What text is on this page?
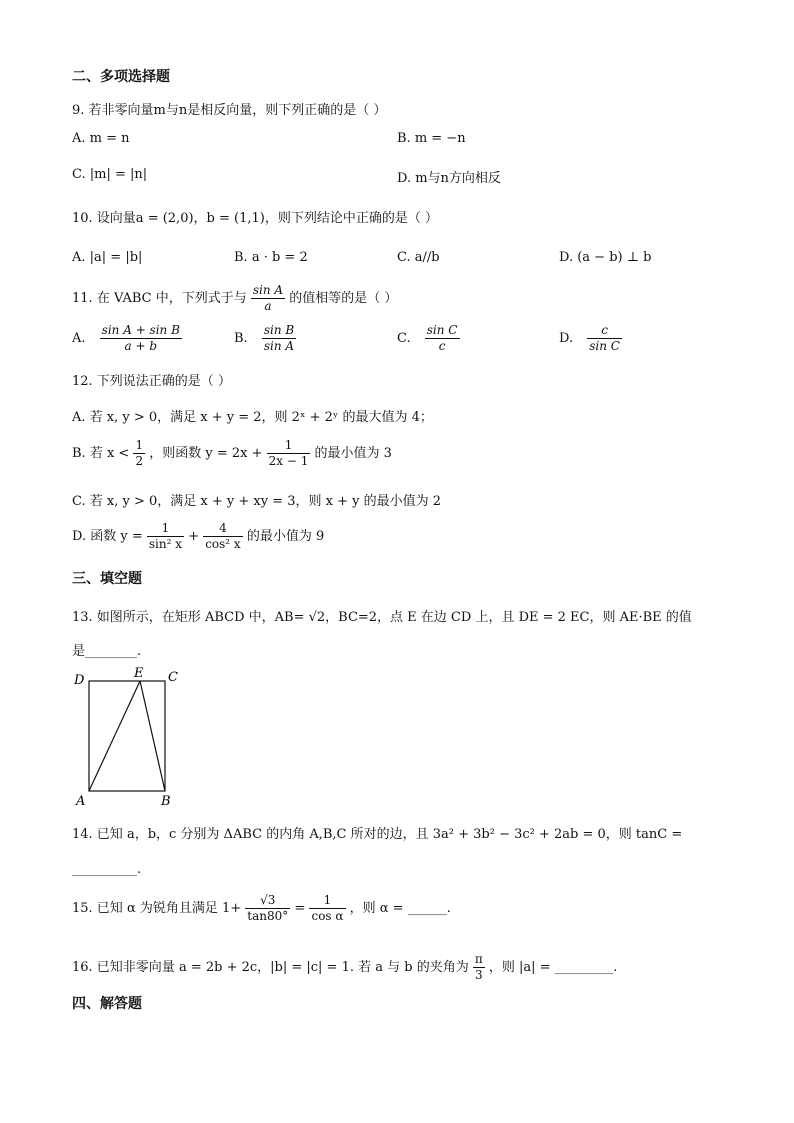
二、多项选择题
9. 若非零向量m与n是相反向量，则下列正确的是（ ）
A. m = n	B. m = −n
C. |m| = |n|	D. m与n方向相反
10. 设向量a = (2,0)，b = (1,1)，则下列结论中正确的是（ ）
A. |a| = |b|	B. a · b = 2	C. a//b	D. (a − b) ⊥ b
11. 在 VABC 中，下列式于与 $\frac{\text{sin A}}{a}$ 的值相等的是（ ）
A. $\frac{\text{sin A + sin B}}{a + b}$	B. $\frac{\text{sin B}}{\text{sin A}}$	C. $\frac{\text{sin C}}{c}$	D. $\frac{c}{\text{sin C}}$
12. 下列说法正确的是（ ）
A. 若 x, y > 0，满足 x + y = 2，则 2ˣ + 2ʸ 的最大值为 4；
B. 若 $x < \frac{1}{2}$ ，则函数 $y = 2x + \frac{1}{2x - 1}$ 的最小值为 3
C. 若 x, y > 0，满足 x + y + xy = 3，则 x + y 的最小值为 2
D. 函数 $y = \frac{1}{\text{sin² x}} + \frac{4}{\text{cos² x}}$ 的最小值为 9
三、填空题
13. 如图所示，在矩形 ABCD 中，AB= √2，BC=2，点 E 在边 CD 上，且 DE = 2 EC，则 AE·BE 的值
是________.
D	E C
A	B
14. 已知 a，b，c 分别为 ΔABC 的内角 A,B,C 所对的边，且 3a² + 3b² − 3c² + 2ab = 0，则 tanC =
__________.
15. 已知 α 为锐角且满足 $1+ \frac{√3}{\tan 80^\circ} = \frac{1}{\text{cos α}}$ ，则 α = ______.
16. 已知非零向量 a = 2b + 2c，|b| = |c| = 1. 若 a 与 b 的夹角为 $\frac{\pi}{3}$ ，则 |a| = _________.
四、解答题
